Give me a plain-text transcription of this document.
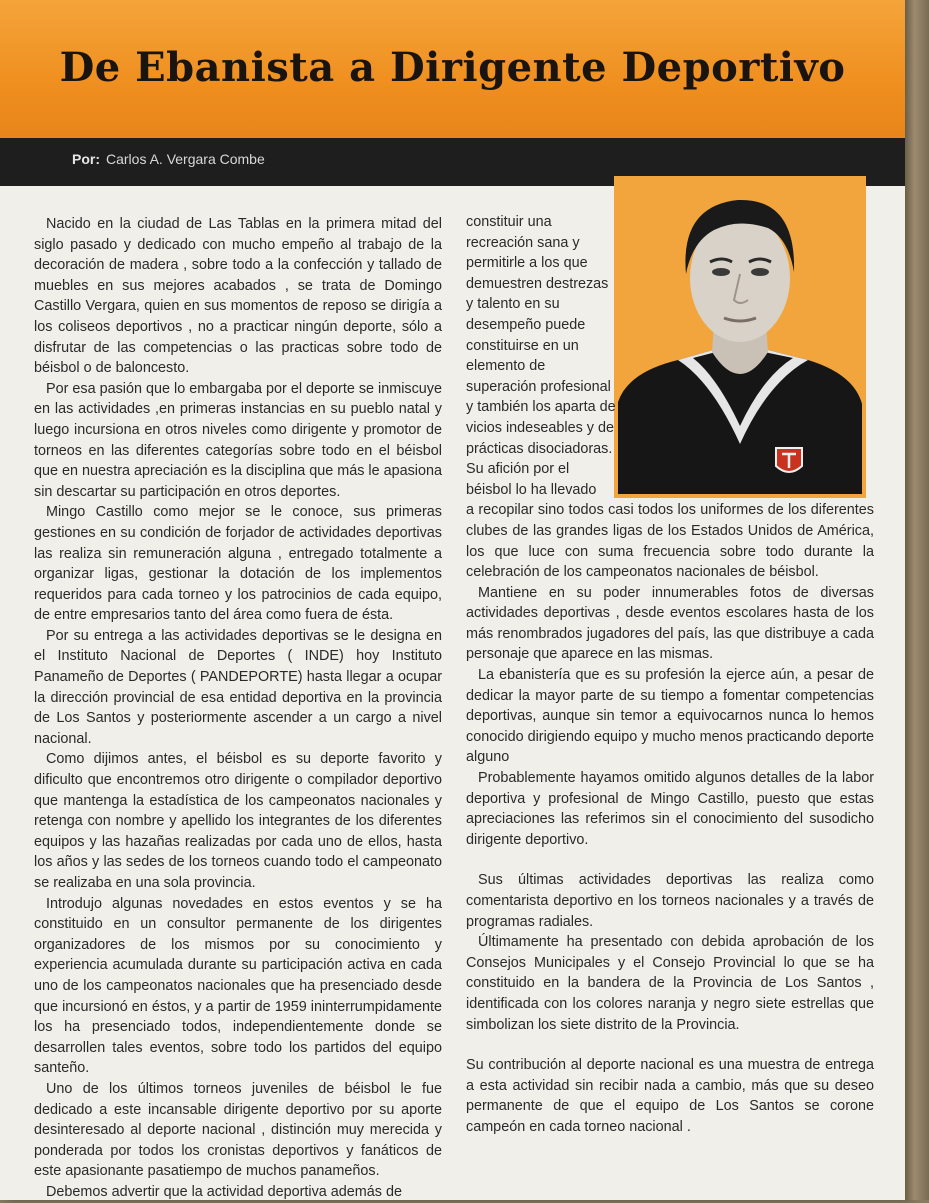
De Ebanista a Dirigente Deportivo
Por: Carlos A. Vergara Combe

Nacido en la ciudad de Las Tablas en la primera mitad del siglo pasado y dedicado con mucho empeño al trabajo de la decoración de madera , sobre todo a la confección y tallado de muebles en sus mejores acabados , se trata de Domingo Castillo Vergara, quien en sus momentos de reposo se dirigía a los coliseos deportivos , no a practicar ningún deporte, sólo a disfrutar de las competencias o las practicas sobre todo de béisbol o de baloncesto.

Por esa pasión que lo embargaba por el deporte se inmiscuye en las actividades ,en primeras instancias en su pueblo natal y luego incursiona en otros niveles como dirigente y promotor de torneos en las diferentes categorías sobre todo en el béisbol que en nuestra apreciación es la disciplina que más le apasiona sin descartar su participación en otros deportes.

Mingo Castillo como mejor se le conoce, sus primeras gestiones en su condición de forjador de actividades deportivas las realiza sin remuneración alguna , entregado totalmente a organizar ligas, gestionar la dotación de los implementos requeridos para cada torneo y los patrocinios de cada equipo, de entre empresarios tanto del área como fuera de ésta.

Por su entrega a las actividades deportivas se le designa en el Instituto Nacional de Deportes ( INDE) hoy Instituto Panameño de Deportes ( PANDEPORTE) hasta llegar a ocupar la dirección provincial de esa entidad deportiva en la provincia de Los Santos y posteriormente ascender a un cargo a nivel nacional.

Como dijimos antes, el béisbol es su deporte favorito y dificulto que encontremos otro dirigente o compilador deportivo que mantenga la estadística de los campeonatos nacionales y retenga con nombre y apellido los integrantes de los diferentes equipos y las hazañas realizadas por cada uno de ellos, hasta los años y las sedes de los torneos cuando todo el campeonato se realizaba en una sola provincia.

Introdujo algunas novedades en estos eventos y se ha constituido en un consultor permanente de los dirigentes organizadores de los mismos por su conocimiento y experiencia acumulada durante su participación activa en cada uno de los campeonatos nacionales que ha presenciado desde que incursionó en éstos, y a partir de 1959 ininterrumpidamente los ha presenciado todos, independientemente donde se desarrollen tales eventos, sobre todo los partidos del equipo santeño.

Uno de los últimos torneos juveniles de béisbol le fue dedicado a este incansable dirigente deportivo por su aporte desinteresado al deporte nacional , distinción muy merecida y ponderada por todos los cronistas deportivos y fanáticos de este apasionante pasatiempo de muchos panameños.

Debemos advertir que la actividad deportiva además de

constituir una recreación sana y permitirle a los que demuestren destrezas y talento en su desempeño puede constituirse en un elemento de superación profesional y también los aparta de vicios indeseables y de prácticas disociadoras.

Su afición por el béisbol lo ha llevado

a recopilar sino todos casi todos los uniformes de los diferentes clubes de las grandes ligas de los Estados Unidos de América, los que luce con suma frecuencia sobre todo durante la celebración de los campeonatos nacionales de béisbol.

Mantiene en su poder innumerables fotos de diversas actividades deportivas , desde eventos escolares hasta de los más renombrados jugadores del país, las que distribuye a cada personaje que aparece en las mismas.

La ebanistería que es su profesión la ejerce aún, a pesar de dedicar la mayor parte de su tiempo a fomentar competencias deportivas, aunque sin temor a equivocarnos nunca lo hemos conocido dirigiendo equipo y mucho menos practicando deporte alguno

Probablemente hayamos omitido algunos detalles de la labor deportiva y profesional de Mingo Castillo, puesto que estas apreciaciones las referimos sin el conocimiento del susodicho dirigente deportivo.

Sus últimas actividades deportivas las realiza como comentarista deportivo en los torneos nacionales y a través de programas radiales.

Últimamente ha presentado con debida aprobación de los Consejos Municipales y el Consejo Provincial lo que se ha constituido en la bandera de la Provincia de Los Santos , identificada con los colores naranja y negro siete estrellas que simbolizan los siete distrito de la Provincia.

Su contribución al deporte nacional es una muestra de entrega a esta actividad sin recibir nada a cambio, más que su deseo permanente de que el equipo de Los Santos se corone campeón en cada torneo nacional .
